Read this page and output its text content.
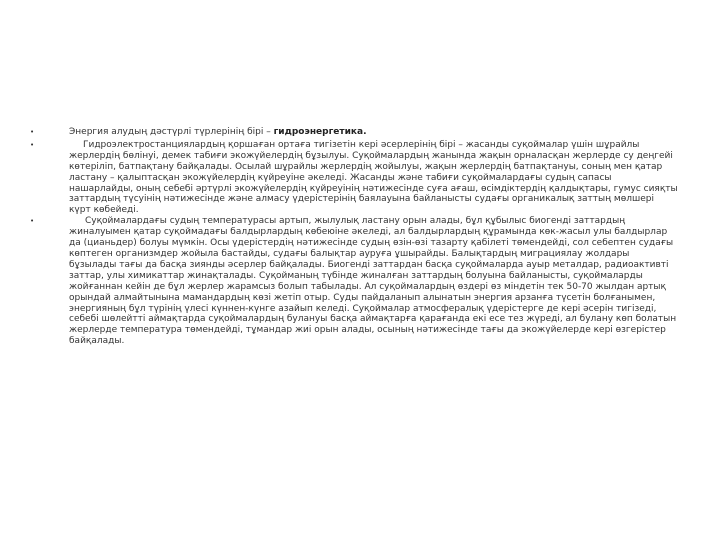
•	Энергия алудың дәстүрлі түрлерінің бірі – гидроэнергетика.
•	Гидроэлектростанциялардың қоршаған ортаға тигізетін кері әсерлерінің бірі – жасанды суқоймалар үшін шұрайлы жерлердің бөлінуі, демек табиғи экожүйелердің бұзылуы. Суқоймалардың жанында жақын орналасқан жерлерде су деңгейі көтеріліп, батпақтану байқалады. Осылай шұрайлы жерлердің жойылуы, жақын жерлердің батпақтануы, соның мен қатар ластану – қалыптасқан экожүйелердің күйреуіне әкеледі. Жасанды және табиғи суқоймалардағы судың сапасы нашарлайды, оның себебі әртүрлі экожүйелердің күйреуінің нәтижесінде суға ағаш, өсімдіктердің қалдықтары, гумус сияқты заттардың түсуінің нәтижесінде және алмасу үдерістерінің баялауына байланысты судағы органикалық заттың мөлшері күрт көбейеді.
•	Суқоймалардағы судың температурасы артып, жылулық ластану орын алады, бұл құбылыс биогенді заттардың жиналуымен қатар суқоймадағы балдырлардың көбеюіне әкеледі, ал балдырлардың құрамында көк-жасыл улы балдырлар да (цианьдер) болуы мүмкін. Осы үдерістердің нәтижесінде судың өзін-өзі тазарту қабілеті төмендейді, сол себептен судағы көптеген организмдер жойыла бастайды, судағы балықтар ауруға ұшырайды. Балықтардың миграциялау жолдары бұзылады тағы да басқа зиянды әсерлер байқалады. Биогенді заттардан басқа суқоймаларда ауыр металдар, радиоактивті заттар, улы химикаттар жинақталады. Суқойманың түбінде жиналған заттардың болуына байланысты, суқоймаларды жойғаннан кейін де бұл жерлер жарамсыз болып табылады. Ал суқоймалардың өздері өз міндетін тек 50-70 жылдан артық орындай алмайтынына мамандардың көзі жетіп отыр. Суды пайдаланып алынатын энергия арзанға түсетін болғанымен, энергияның бұл түрінің үлесі күннен-күнге азайып келеді. Суқоймалар атмосфералық үдерістерге де кері әсерін тигізеді, себебі шөлейтті аймақтарда суқоймалардың булануы басқа аймақтарға қарағанда екі есе тез жүреді, ал булану көп болатын жерлерде температура төмендейді, тұмандар жиі орын алады, осының нәтижесінде тағы да экожүйелерде кері өзгерістер байқалады.
